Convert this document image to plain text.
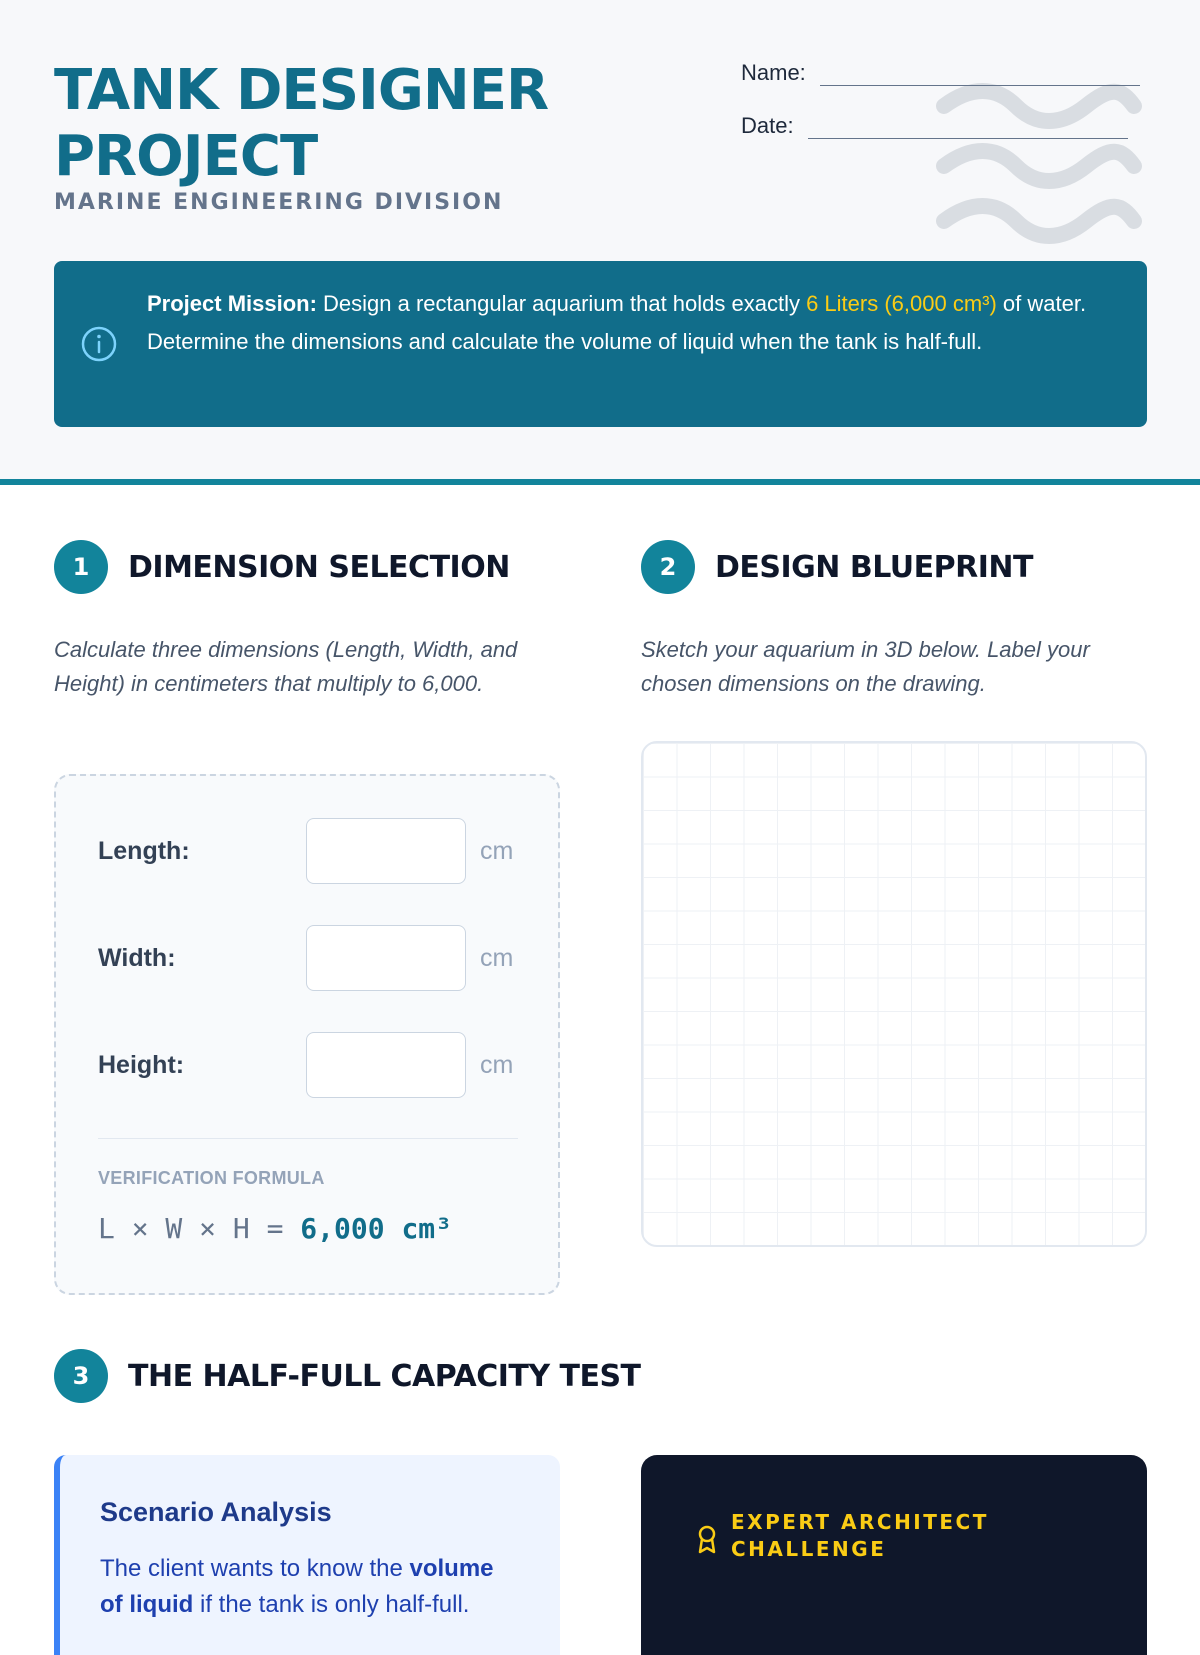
TANK DESIGNER PROJECT
MARINE ENGINEERING DIVISION
Name:
Date:
Project Mission: Design a rectangular aquarium that holds exactly 6 Liters (6,000 cm³) of water. Determine the dimensions and calculate the volume of liquid when the tank is half-full.
1	DIMENSION SELECTION
Calculate three dimensions (Length, Width, and Height) in centimeters that multiply to 6,000.
Length:	cm
Width:	cm
Height:	cm
VERIFICATION FORMULA
L × W × H = 6,000 cm³
2	DESIGN BLUEPRINT
Sketch your aquarium in 3D below. Label your chosen dimensions on the drawing.
3	THE HALF-FULL CAPACITY TEST
Scenario Analysis
The client wants to know the volume of liquid if the tank is only half-full.
EXPERT ARCHITECT CHALLENGE
